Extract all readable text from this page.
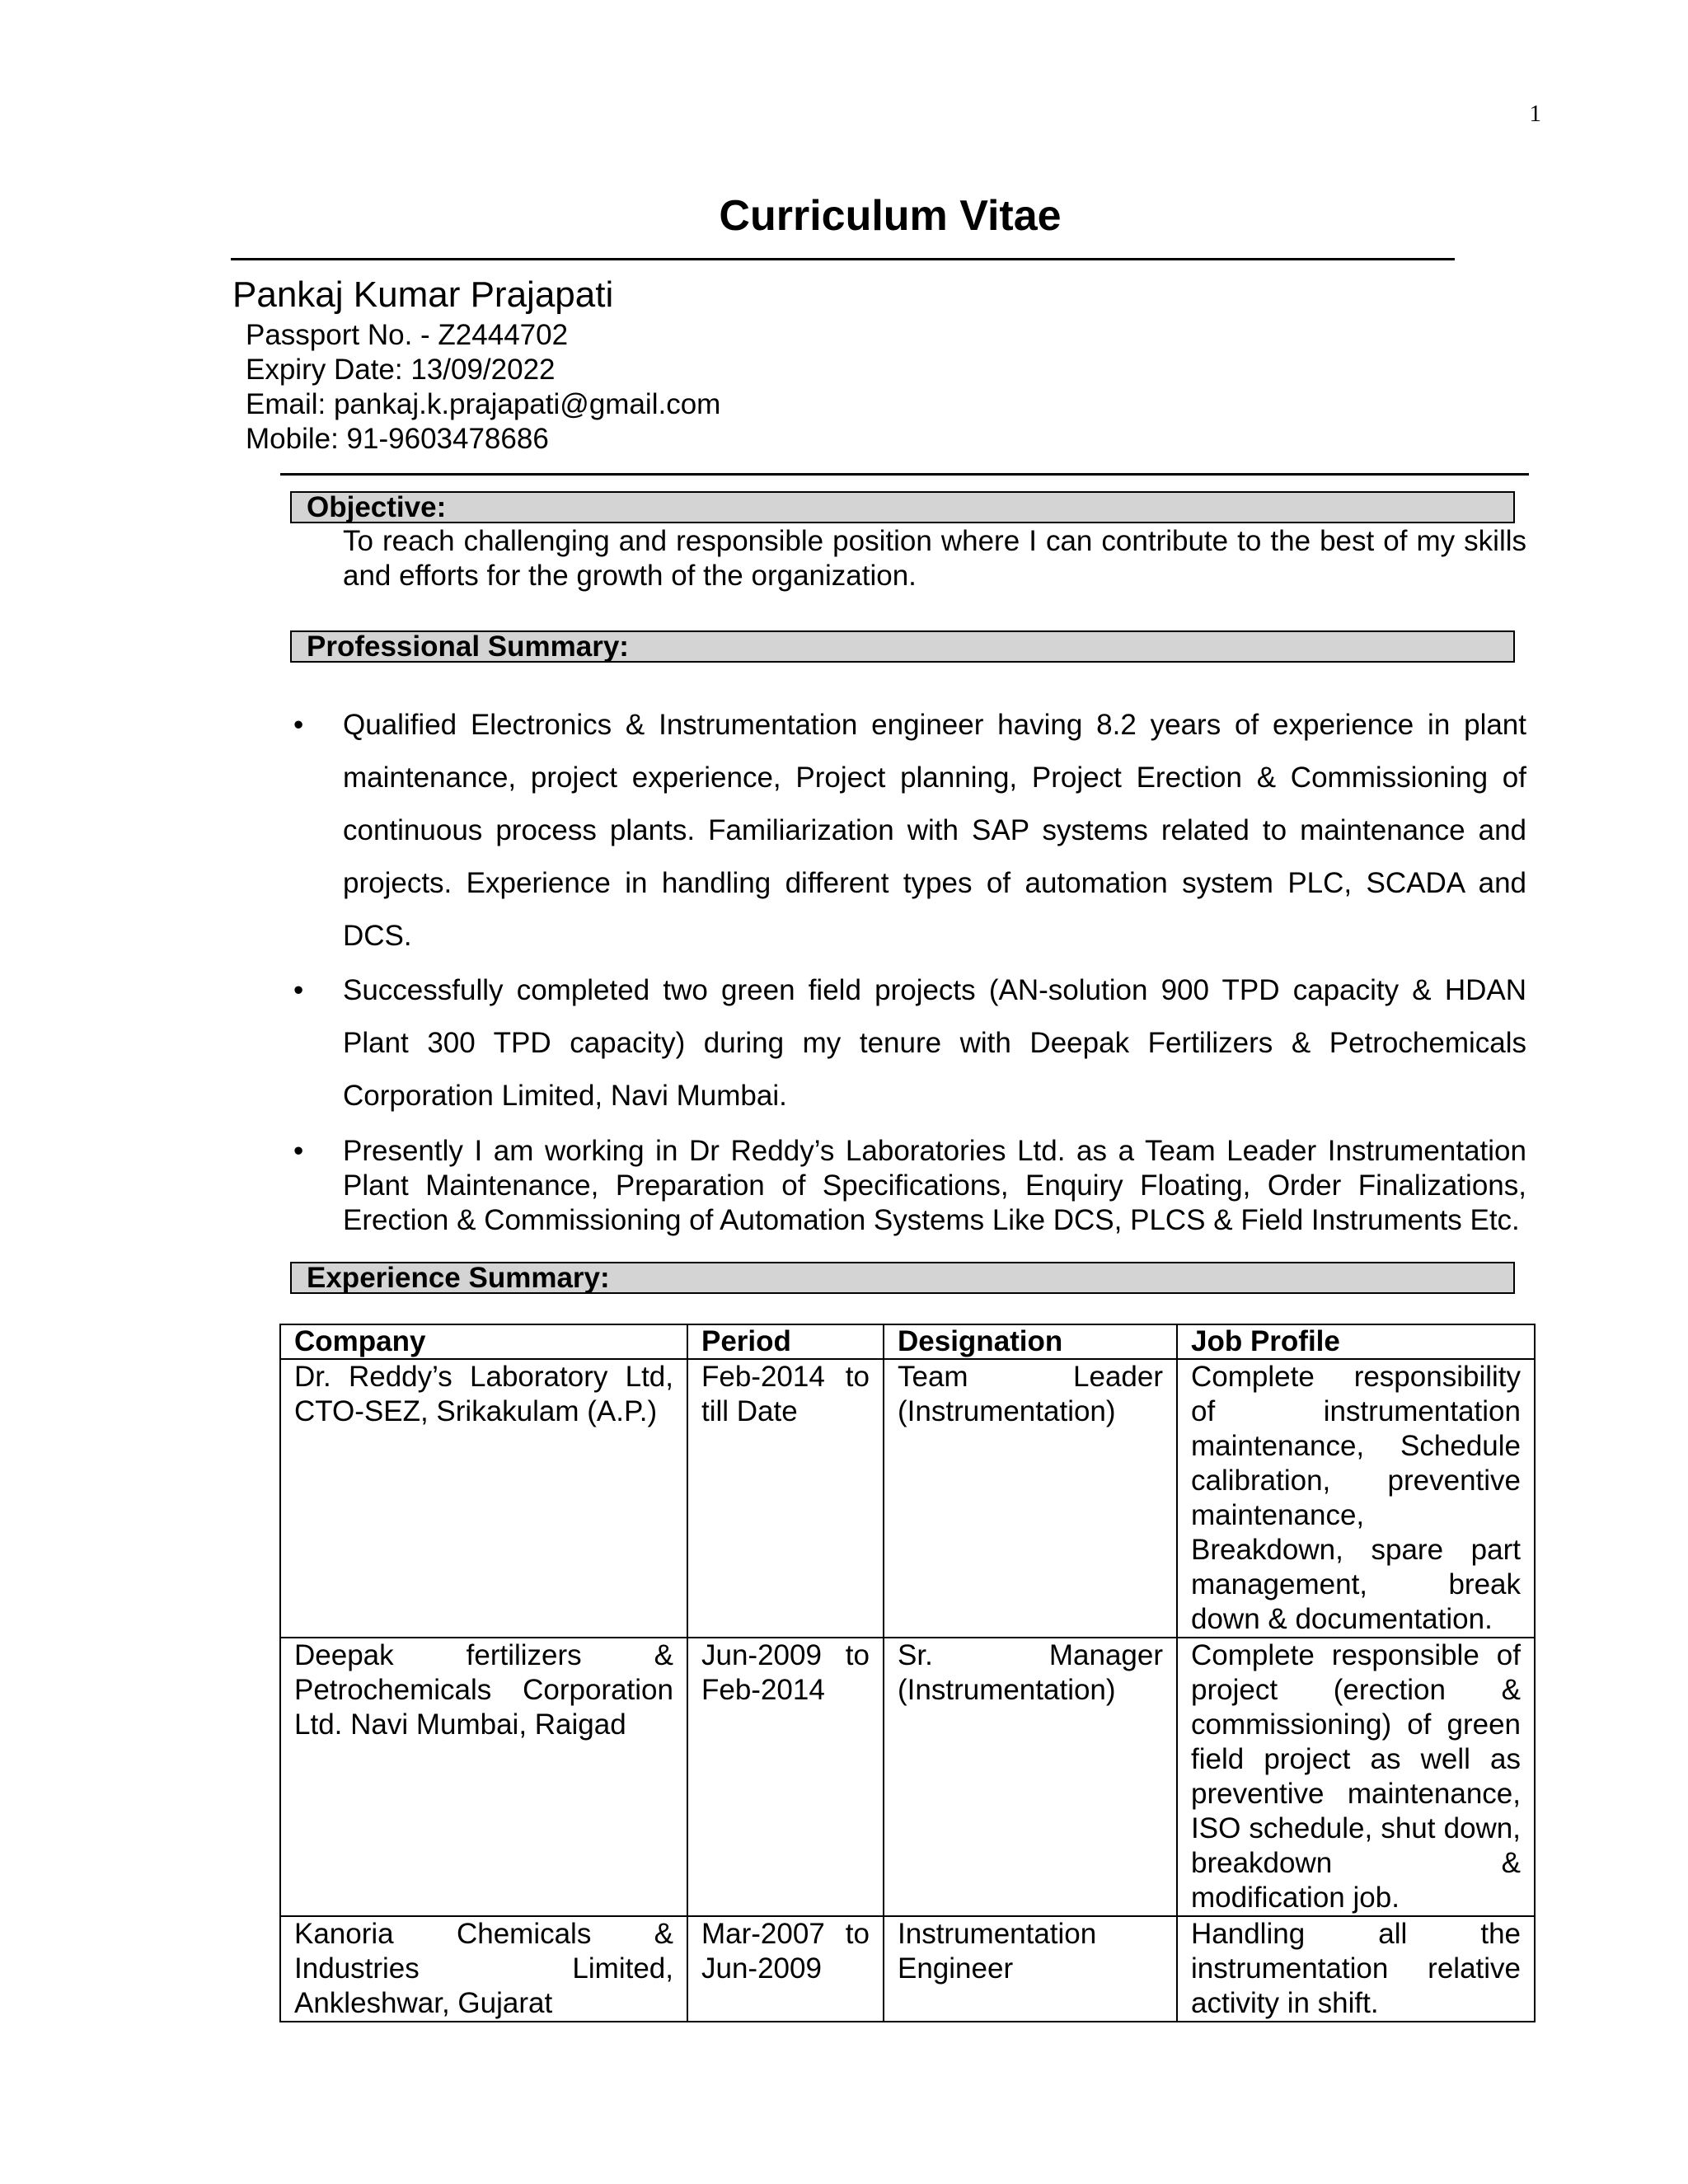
1
Curriculum Vitae
Pankaj Kumar Prajapati
Passport No. - Z2444702
Expiry Date: 13/09/2022
Email: pankaj.k.prajapati@gmail.com
Mobile: 91-9603478686
Objective:
To reach challenging and responsible position where I can contribute to the best of my skills and efforts for the growth of the organization.
Professional Summary:
• Qualified Electronics & Instrumentation engineer having 8.2 years of experience in plant maintenance, project experience, Project planning, Project Erection & Commissioning of continuous process plants. Familiarization with SAP systems related to maintenance and projects. Experience in handling different types of automation system PLC, SCADA and DCS.
• Successfully completed two green field projects (AN-solution 900 TPD capacity & HDAN Plant 300 TPD capacity) during my tenure with Deepak Fertilizers & Petrochemicals Corporation Limited, Navi Mumbai.
• Presently I am working in Dr Reddy’s Laboratories Ltd. as a Team Leader Instrumentation Plant Maintenance, Preparation of Specifications, Enquiry Floating, Order Finalizations, Erection & Commissioning of Automation Systems Like DCS, PLCS & Field Instruments Etc.
Experience Summary:
Company	Period	Designation	Job Profile
Dr. Reddy’s Laboratory Ltd, CTO-SEZ, Srikakulam (A.P.)	Feb-2014 to till Date	Team Leader (Instrumentation)	Complete responsibility of instrumentation maintenance, Schedule calibration, preventive maintenance, Breakdown, spare part management, break down & documentation.
Deepak fertilizers & Petrochemicals Corporation Ltd. Navi Mumbai, Raigad	Jun-2009 to Feb-2014	Sr. Manager (Instrumentation)	Complete responsible of project (erection & commissioning) of green field project as well as preventive maintenance, ISO schedule, shut down, breakdown & modification job.
Kanoria Chemicals & Industries Limited, Ankleshwar, Gujarat	Mar-2007 to Jun-2009	Instrumentation Engineer	Handling all the instrumentation relative activity in shift.
